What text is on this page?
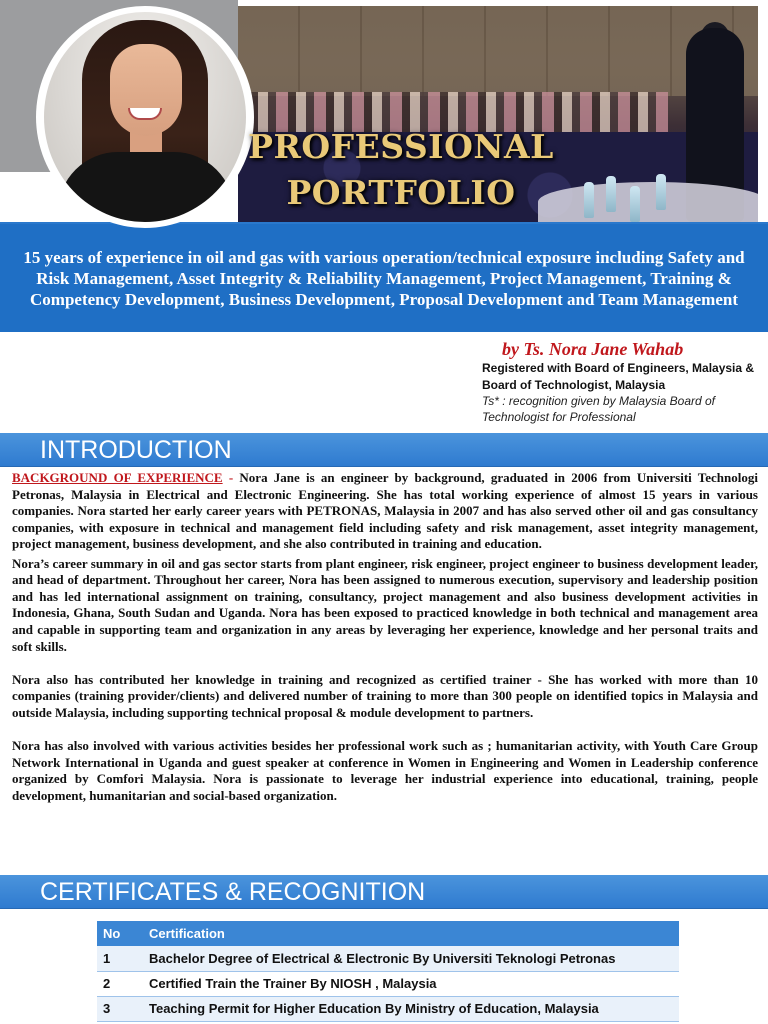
PROFESSIONAL
PORTFOLIO

15 years of experience in oil and gas with various operation/technical exposure including Safety and Risk Management, Asset Integrity & Reliability Management, Project Management, Training & Competency Development, Business Development, Proposal Development and Team Management

by Ts. Nora Jane Wahab
Registered with Board of Engineers, Malaysia &
Board of Technologist, Malaysia
Ts* : recognition given by Malaysia Board of Technologist for Professional
INTRODUCTION

BACKGROUND OF EXPERIENCE - Nora Jane is an engineer by background, graduated in 2006 from Universiti Technologi Petronas, Malaysia in Electrical and Electronic Engineering. She has total working experience of almost 15 years in various companies. Nora started her early career years with PETRONAS, Malaysia in 2007 and has also served other oil and gas consultancy companies, with exposure in technical and management field including safety and risk management, asset integrity management, project management, business development, and she also contributed in training and education.

Nora’s career summary in oil and gas sector starts from plant engineer, risk engineer, project engineer to business development leader, and head of department. Throughout her career, Nora has been assigned to numerous execution, supervisory and leadership position and has led international assignment on training, consultancy, project management and also business development activities in Indonesia, Ghana, South Sudan and Uganda. Nora has been exposed to practiced knowledge in both technical and management area and capable in supporting team and organization in any areas by leveraging her experience, knowledge and her personal traits and soft skills.

Nora also has contributed her knowledge in training and recognized as certified trainer - She has worked with more than 10 companies (training provider/clients) and delivered number of training to more than 300 people on identified topics in Malaysia and outside Malaysia, including supporting technical proposal & module development to partners.

Nora has also involved with various activities besides her professional work such as ; humanitarian activity, with Youth Care Group Network International in Uganda and guest speaker at conference in Women in Engineering and Women in Leadership conference organized by Comfori Malaysia. Nora is passionate to leverage her industrial experience into educational, training, people development, humanitarian and social-based organization.

CERTIFICATES & RECOGNITION
No	Certification
1	Bachelor Degree of Electrical & Electronic By Universiti Teknologi Petronas
2	Certified Train the Trainer By NIOSH , Malaysia
3	Teaching Permit for Higher Education By Ministry of Education, Malaysia
